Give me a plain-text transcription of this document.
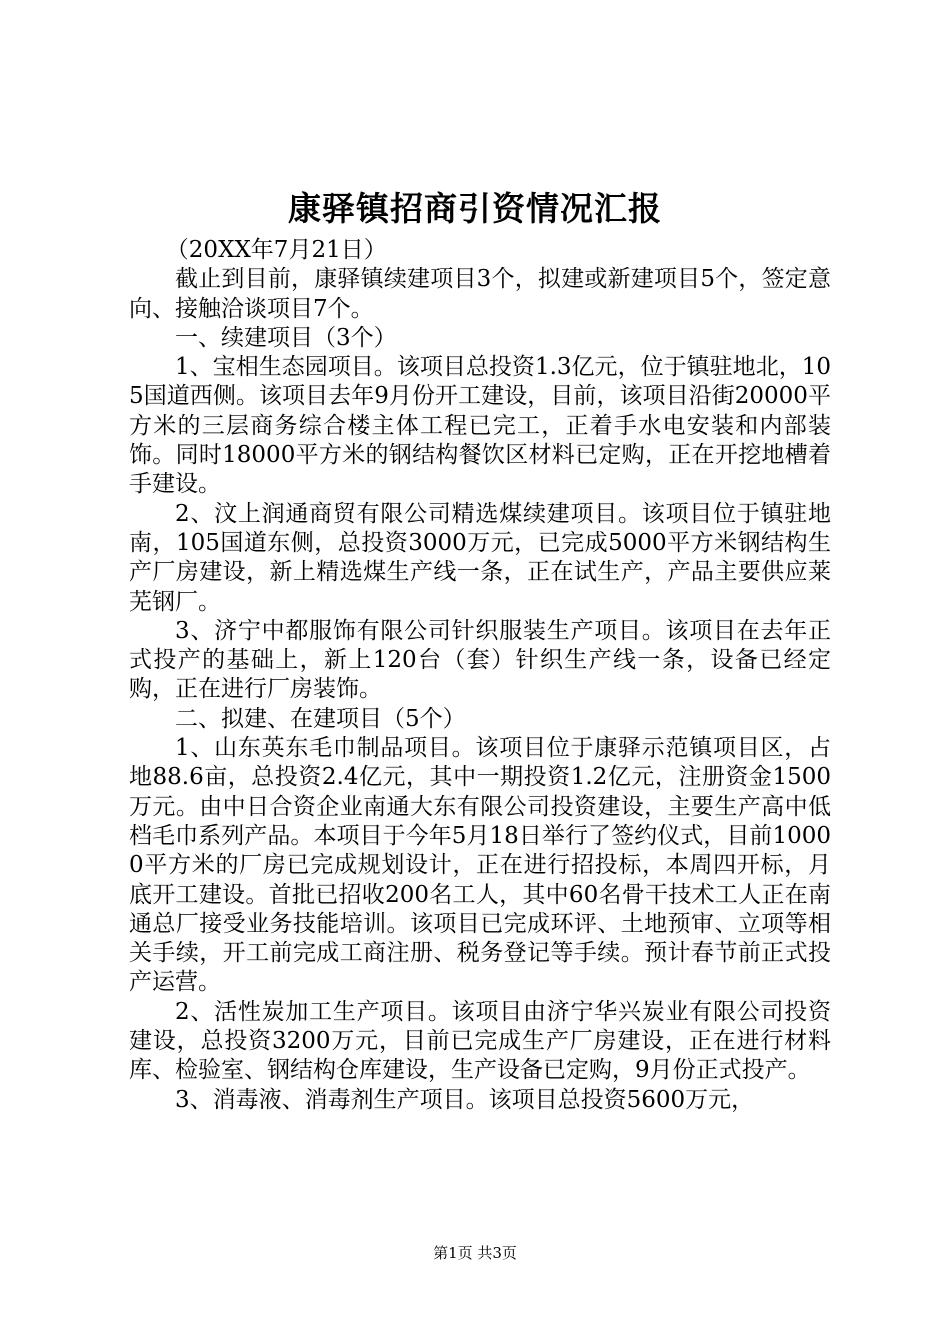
康驿镇招商引资情况汇报

（20XX年7月21日）

截止到目前，康驿镇续建项目3个，拟建或新建项目5个，签定意向、接触洽谈项目7个。

一、续建项目（3个）

1、宝相生态园项目。该项目总投资1.3亿元，位于镇驻地北，105国道西侧。该项目去年9月份开工建设，目前，该项目沿街20000平方米的三层商务综合楼主体工程已完工，正着手水电安装和内部装饰。同时18000平方米的钢结构餐饮区材料已定购，正在开挖地槽着手建设。

2、汶上润通商贸有限公司精选煤续建项目。该项目位于镇驻地南，105国道东侧，总投资3000万元，已完成5000平方米钢结构生产厂房建设，新上精选煤生产线一条，正在试生产，产品主要供应莱芜钢厂。

3、济宁中都服饰有限公司针织服装生产项目。该项目在去年正式投产的基础上，新上120台（套）针织生产线一条，设备已经定购，正在进行厂房装饰。

二、拟建、在建项目（5个）

1、山东英东毛巾制品项目。该项目位于康驿示范镇项目区，占地88.6亩，总投资2.4亿元，其中一期投资1.2亿元，注册资金1500万元。由中日合资企业南通大东有限公司投资建设，主要生产高中低档毛巾系列产品。本项目于今年5月18日举行了签约仪式，目前10000平方米的厂房已完成规划设计，正在进行招投标，本周四开标，月底开工建设。首批已招收200名工人，其中60名骨干技术工人正在南通总厂接受业务技能培训。该项目已完成环评、土地预审、立项等相关手续，开工前完成工商注册、税务登记等手续。预计春节前正式投产运营。

2、活性炭加工生产项目。该项目由济宁华兴炭业有限公司投资建设，总投资3200万元，目前已完成生产厂房建设，正在进行材料库、检验室、钢结构仓库建设，生产设备已定购，9月份正式投产。

3、消毒液、消毒剂生产项目。该项目总投资5600万元，

第1页 共3页
